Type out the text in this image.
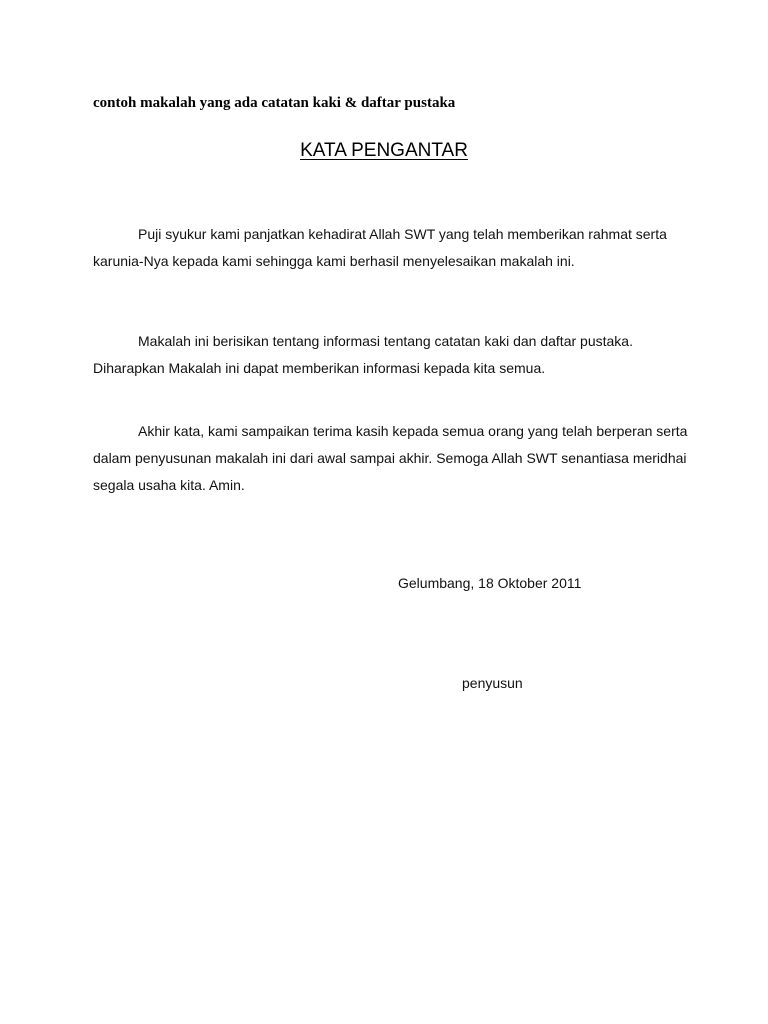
contoh makalah yang ada catatan kaki & daftar pustaka
KATA PENGANTAR
Puji syukur kami panjatkan kehadirat Allah SWT yang telah memberikan rahmat serta karunia-Nya kepada kami sehingga kami berhasil menyelesaikan makalah ini.
Makalah ini berisikan tentang informasi tentang catatan kaki dan daftar pustaka. Diharapkan Makalah ini dapat memberikan informasi kepada kita semua.
Akhir kata, kami sampaikan terima kasih kepada semua orang yang telah berperan serta dalam penyusunan makalah ini dari awal sampai akhir. Semoga Allah SWT senantiasa meridhai segala usaha kita. Amin.
Gelumbang, 18 Oktober 2011
penyusun
